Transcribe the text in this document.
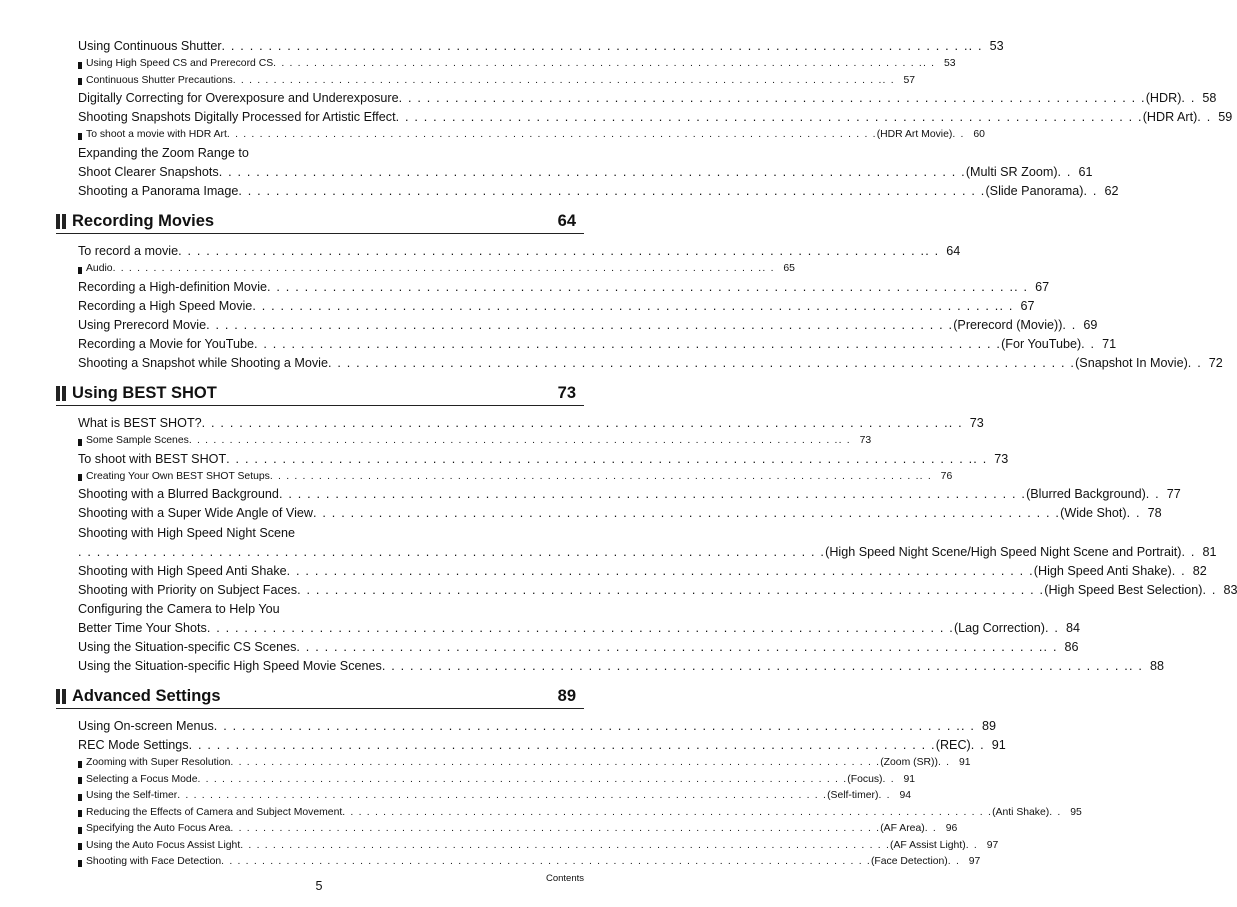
Using Continuous Shutter . . . . . . . . . . . . . . . . . . . . . . . . . . . . . . . . . . . . . . . . . . . . . . . . . . . . . . . . . . . . . . . . . . . . . . . . . . . . . . . . . . 53
Using High Speed CS and Prerecord CS . . . . . . . . . . . . . . . . . . . . . . . . . . . . . . . . . . . . . . . . . . . . . . . . . . . . . . . . . . . . . . . . . . . . . . . . . . . . . . . . . . 53
Continuous Shutter Precautions . . . . . . . . . . . . . . . . . . . . . . . . . . . . . . . . . . . . . . . . . . . . . . . . . . . . . . . . . . . . . . . . . . . . . . . . . . . . . . . . . . 57
Digitally Correcting for Overexposure and Underexposure . . . . . . . . . . . . . . . . . . . . . . . . . . . . . . . . . . . . . . . . . . . . . . . . . . . . . . . . . . . . . . . . . . . . . . . . . . . . . . . . (HDR) . . 58
Shooting Snapshots Digitally Processed for Artistic Effect . . . . . . . . . . . . . . . . . . . . . . . . . . . . . . . . . . . . . . . . . . . . . . . . . . . . . . . . . . . . . . . . . . . . . . . . . . . . . . . . (HDR Art) . . 59
To shoot a movie with HDR Art . . . . . . . . . . . . . . . . . . . . . . . . . . . . . . . . . . . . . . . . . . . . . . . . . . . . . . . . . . . . . . . . . . . . . . . . . . . . . . . . (HDR Art Movie) . . 60
Expanding the Zoom Range to
Shoot Clearer Snapshots . . . . . . . . . . . . . . . . . . . . . . . . . . . . . . . . . . . . . . . . . . . . . . . . . . . . . . . . . . . . . . . . . . . . . . . . . . . . . . . . (Multi SR Zoom) . . 61
Shooting a Panorama Image . . . . . . . . . . . . . . . . . . . . . . . . . . . . . . . . . . . . . . . . . . . . . . . . . . . . . . . . . . . . . . . . . . . . . . . . . . . . . . . . (Slide Panorama) . . 62
Recording Movies	64
To record a movie . . . . . . . . . . . . . . . . . . . . . . . . . . . . . . . . . . . . . . . . . . . . . . . . . . . . . . . . . . . . . . . . . . . . . . . . . . . . . . . . . . 64
Audio . . . . . . . . . . . . . . . . . . . . . . . . . . . . . . . . . . . . . . . . . . . . . . . . . . . . . . . . . . . . . . . . . . . . . . . . . . . . . . . . . . 65
Recording a High-definition Movie . . . . . . . . . . . . . . . . . . . . . . . . . . . . . . . . . . . . . . . . . . . . . . . . . . . . . . . . . . . . . . . . . . . . . . . . . . . . . . . . . . 67
Recording a High Speed Movie . . . . . . . . . . . . . . . . . . . . . . . . . . . . . . . . . . . . . . . . . . . . . . . . . . . . . . . . . . . . . . . . . . . . . . . . . . . . . . . . . . 67
Using Prerecord Movie . . . . . . . . . . . . . . . . . . . . . . . . . . . . . . . . . . . . . . . . . . . . . . . . . . . . . . . . . . . . . . . . . . . . . . . . . . . . . . . . (Prerecord (Movie)) . . 69
Recording a Movie for YouTube . . . . . . . . . . . . . . . . . . . . . . . . . . . . . . . . . . . . . . . . . . . . . . . . . . . . . . . . . . . . . . . . . . . . . . . . . . . . . . . . (For YouTube) . . 71
Shooting a Snapshot while Shooting a Movie . . . . . . . . . . . . . . . . . . . . . . . . . . . . . . . . . . . . . . . . . . . . . . . . . . . . . . . . . . . . . . . . . . . . . . . . . . . . . . . . (Snapshot In Movie) . . 72
Using BEST SHOT	73
What is BEST SHOT? . . . . . . . . . . . . . . . . . . . . . . . . . . . . . . . . . . . . . . . . . . . . . . . . . . . . . . . . . . . . . . . . . . . . . . . . . . . . . . . . . . 73
Some Sample Scenes . . . . . . . . . . . . . . . . . . . . . . . . . . . . . . . . . . . . . . . . . . . . . . . . . . . . . . . . . . . . . . . . . . . . . . . . . . . . . . . . . . 73
To shoot with BEST SHOT . . . . . . . . . . . . . . . . . . . . . . . . . . . . . . . . . . . . . . . . . . . . . . . . . . . . . . . . . . . . . . . . . . . . . . . . . . . . . . . . . . 73
Creating Your Own BEST SHOT Setups . . . . . . . . . . . . . . . . . . . . . . . . . . . . . . . . . . . . . . . . . . . . . . . . . . . . . . . . . . . . . . . . . . . . . . . . . . . . . . . . . . 76
Shooting with a Blurred Background . . . . . . . . . . . . . . . . . . . . . . . . . . . . . . . . . . . . . . . . . . . . . . . . . . . . . . . . . . . . . . . . . . . . . . . . . . . . . . . . (Blurred Background) . . 77
Shooting with a Super Wide Angle of View . . . . . . . . . . . . . . . . . . . . . . . . . . . . . . . . . . . . . . . . . . . . . . . . . . . . . . . . . . . . . . . . . . . . . . . . . . . . . . . . (Wide Shot) . . 78
Shooting with High Speed Night Scene
. . . . . . . . . . . . . . . . . . . . . . . . . . . . . . . . . . . . . . . . . . . . . . . . . . . . . . . . . . . . . . . . . . . . . . . . . . . . . . . . (High Speed Night Scene/High Speed Night Scene and Portrait) . . 81
Shooting with High Speed Anti Shake . . . . . . . . . . . . . . . . . . . . . . . . . . . . . . . . . . . . . . . . . . . . . . . . . . . . . . . . . . . . . . . . . . . . . . . . . . . . . . . . (High Speed Anti Shake) . . 82
Shooting with Priority on Subject Faces . . . . . . . . . . . . . . . . . . . . . . . . . . . . . . . . . . . . . . . . . . . . . . . . . . . . . . . . . . . . . . . . . . . . . . . . . . . . . . . . (High Speed Best Selection) . . 83
Configuring the Camera to Help You
Better Time Your Shots . . . . . . . . . . . . . . . . . . . . . . . . . . . . . . . . . . . . . . . . . . . . . . . . . . . . . . . . . . . . . . . . . . . . . . . . . . . . . . . . (Lag Correction) . . 84
Using the Situation-specific CS Scenes . . . . . . . . . . . . . . . . . . . . . . . . . . . . . . . . . . . . . . . . . . . . . . . . . . . . . . . . . . . . . . . . . . . . . . . . . . . . . . . . . . 86
Using the Situation-specific High Speed Movie Scenes . . . . . . . . . . . . . . . . . . . . . . . . . . . . . . . . . . . . . . . . . . . . . . . . . . . . . . . . . . . . . . . . . . . . . . . . . . . . . . . . . . 88
Advanced Settings	89
Using On-screen Menus . . . . . . . . . . . . . . . . . . . . . . . . . . . . . . . . . . . . . . . . . . . . . . . . . . . . . . . . . . . . . . . . . . . . . . . . . . . . . . . . . . 89
REC Mode Settings . . . . . . . . . . . . . . . . . . . . . . . . . . . . . . . . . . . . . . . . . . . . . . . . . . . . . . . . . . . . . . . . . . . . . . . . . . . . . . . . (REC) . . 91
Zooming with Super Resolution . . . . . . . . . . . . . . . . . . . . . . . . . . . . . . . . . . . . . . . . . . . . . . . . . . . . . . . . . . . . . . . . . . . . . . . . . . . . . . . . (Zoom (SR)) . . 91
Selecting a Focus Mode . . . . . . . . . . . . . . . . . . . . . . . . . . . . . . . . . . . . . . . . . . . . . . . . . . . . . . . . . . . . . . . . . . . . . . . . . . . . . . . . (Focus) . . 91
Using the Self-timer . . . . . . . . . . . . . . . . . . . . . . . . . . . . . . . . . . . . . . . . . . . . . . . . . . . . . . . . . . . . . . . . . . . . . . . . . . . . . . . . (Self-timer) . . 94
Reducing the Effects of Camera and Subject Movement . . . . . . . . . . . . . . . . . . . . . . . . . . . . . . . . . . . . . . . . . . . . . . . . . . . . . . . . . . . . . . . . . . . . . . . . . . . . . . . . (Anti Shake) . . 95
Specifying the Auto Focus Area . . . . . . . . . . . . . . . . . . . . . . . . . . . . . . . . . . . . . . . . . . . . . . . . . . . . . . . . . . . . . . . . . . . . . . . . . . . . . . . . (AF Area) . . 96
Using the Auto Focus Assist Light . . . . . . . . . . . . . . . . . . . . . . . . . . . . . . . . . . . . . . . . . . . . . . . . . . . . . . . . . . . . . . . . . . . . . . . . . . . . . . . . (AF Assist Light) . . 97
Shooting with Face Detection . . . . . . . . . . . . . . . . . . . . . . . . . . . . . . . . . . . . . . . . . . . . . . . . . . . . . . . . . . . . . . . . . . . . . . . . . . . . . . . . (Face Detection) . . 97
5
Contents
